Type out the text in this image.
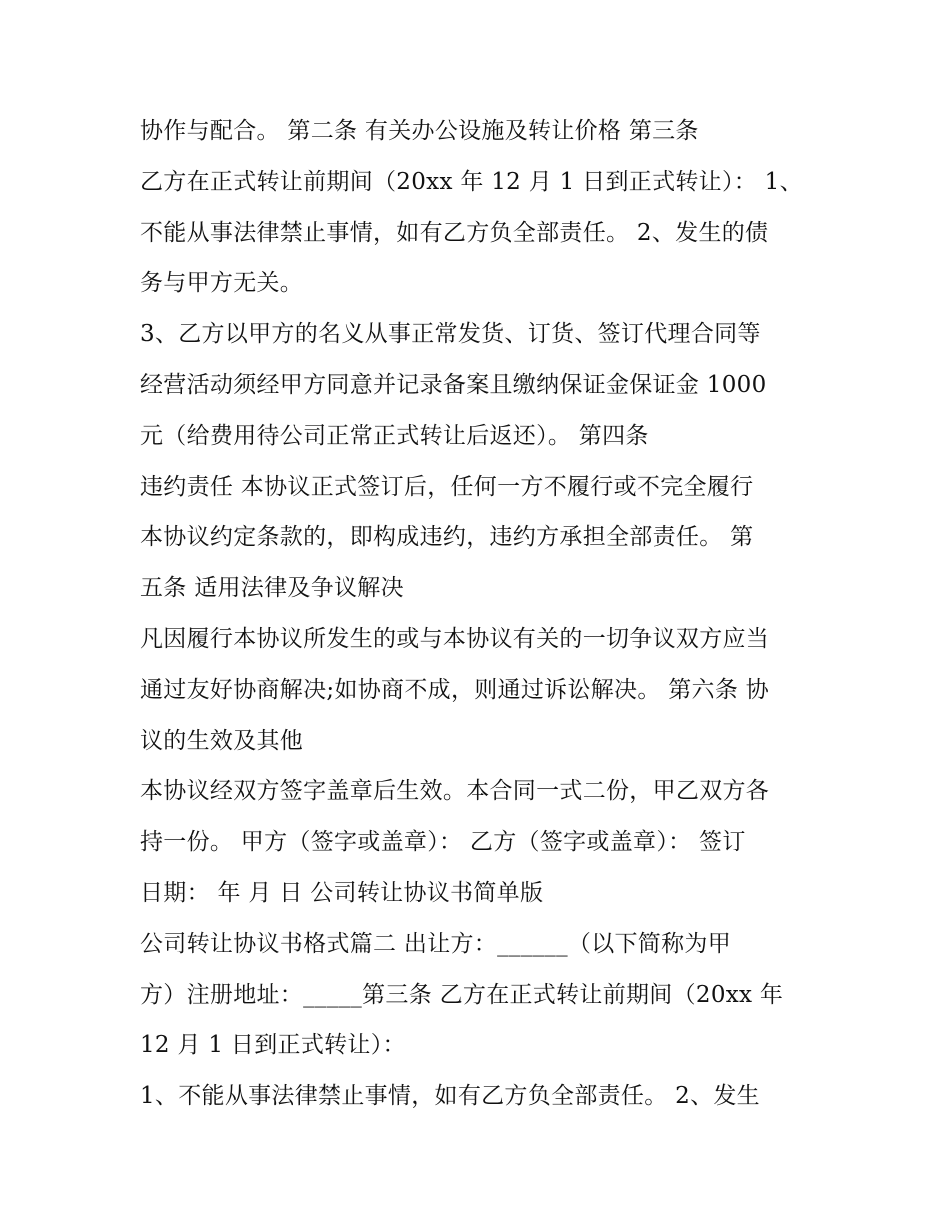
协作与配合。 第二条 有关办公设施及转让价格 第三条
乙方在正式转让前期间（20xx 年 12 月 1 日到正式转让）： 1、
不能从事法律禁止事情，如有乙方负全部责任。 2、发生的债
务与甲方无关。
3、乙方以甲方的名义从事正常发货、订货、签订代理合同等
经营活动须经甲方同意并记录备案且缴纳保证金保证金 1000
元（给费用待公司正常正式转让后返还）。 第四条
违约责任 本协议正式签订后，任何一方不履行或不完全履行
本协议约定条款的，即构成违约，违约方承担全部责任。 第
五条 适用法律及争议解决
凡因履行本协议所发生的或与本协议有关的一切争议双方应当
通过友好协商解决;如协商不成，则通过诉讼解决。 第六条 协
议的生效及其他
本协议经双方签字盖章后生效。本合同一式二份，甲乙双方各
持一份。 甲方（签字或盖章）： 乙方（签字或盖章）： 签订
日期： 年 月 日 公司转让协议书简单版
公司转让协议书格式篇二 出让方：______（以下简称为甲
方）注册地址：_____第三条 乙方在正式转让前期间（20xx 年
12 月 1 日到正式转让）：
1、不能从事法律禁止事情，如有乙方负全部责任。 2、发生
